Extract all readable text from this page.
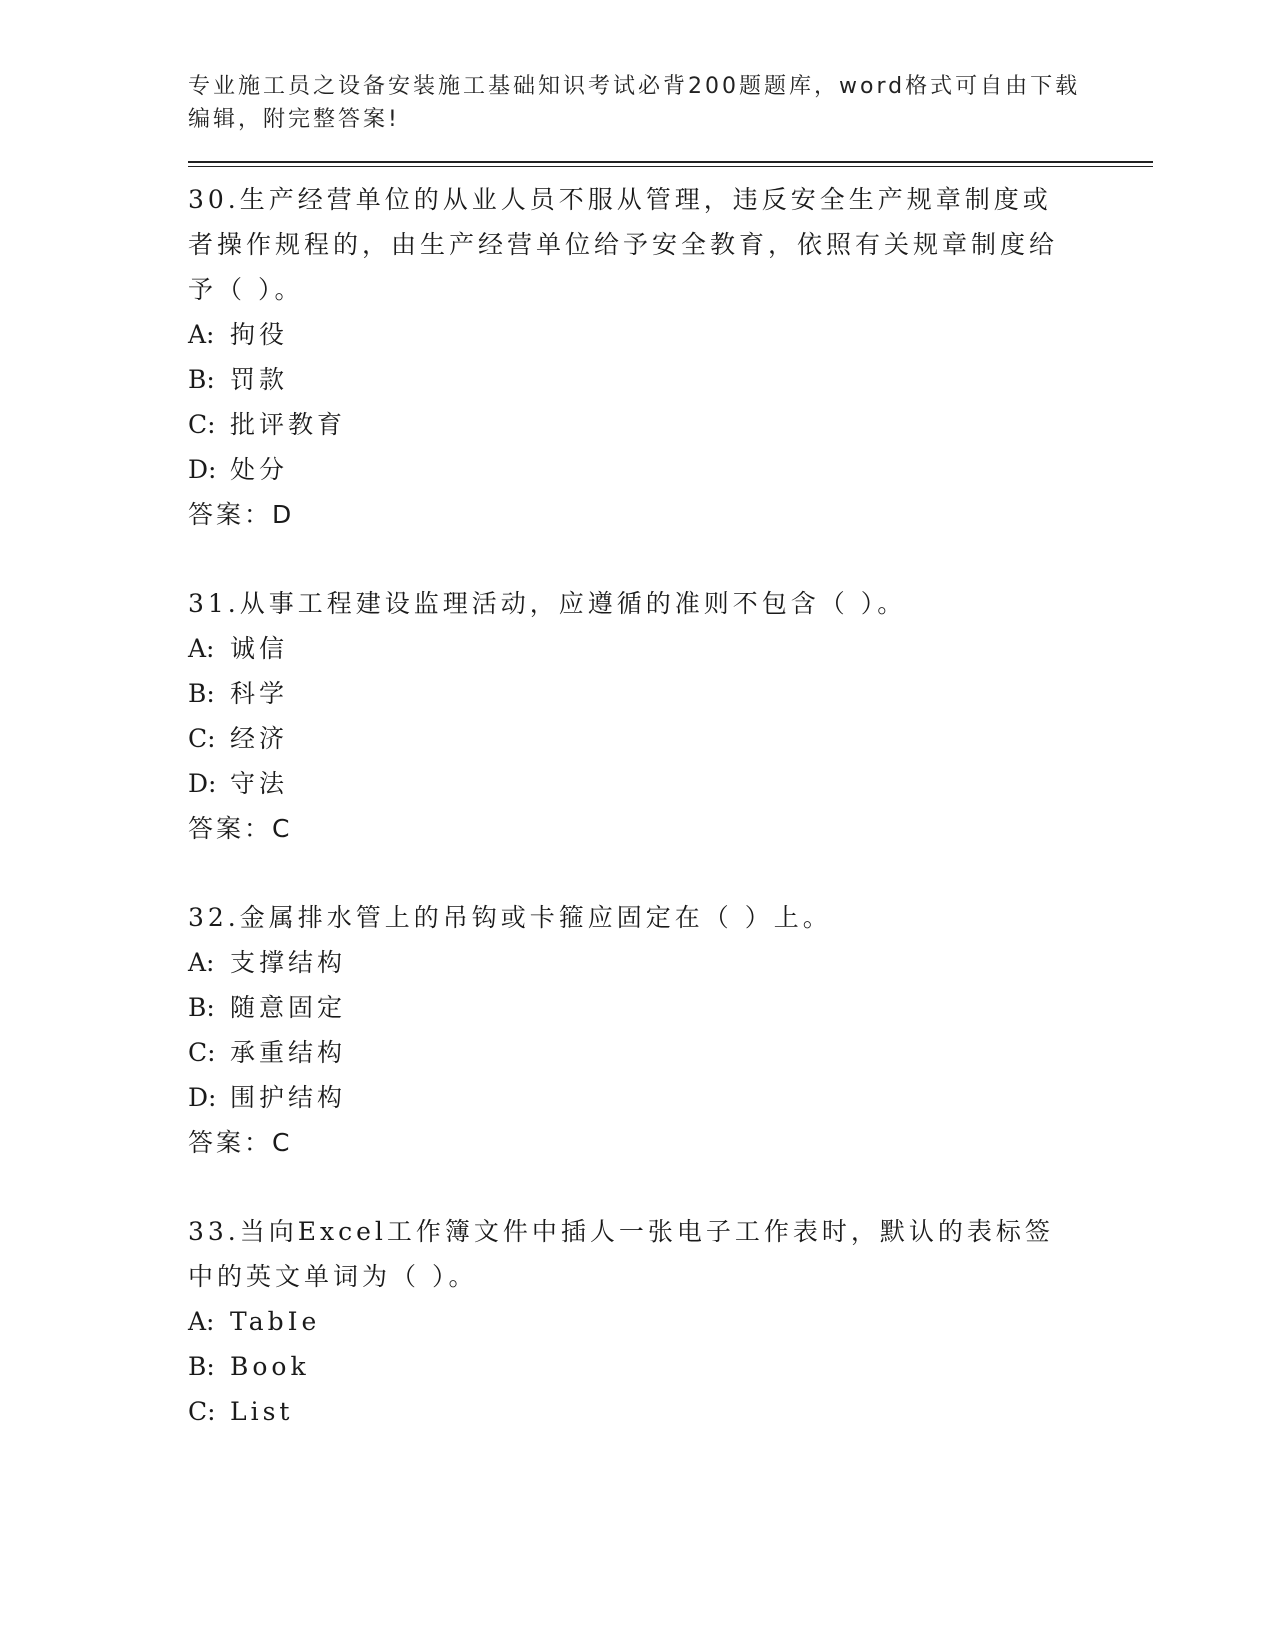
专业施工员之设备安装施工基础知识考试必背200题题库，word格式可自由下载
编辑，附完整答案!
30.生产经营单位的从业人员不服从管理，违反安全生产规章制度或者操作规程的，由生产经营单位给予安全教育，依照有关规章制度给予（ ）。
A: 拘役
B: 罚款
C: 批评教育
D: 处分
答案：D
31.从事工程建设监理活动，应遵循的准则不包含（ ）。
A: 诚信
B: 科学
C: 经济
D: 守法
答案：C
32.金属排水管上的吊钩或卡箍应固定在（ ）上。
A: 支撑结构
B: 随意固定
C: 承重结构
D: 围护结构
答案：C
33.当向Excel工作簿文件中插人一张电子工作表时，默认的表标签中的英文单词为（ ）。
A: TabIe
B: Book
C: List
